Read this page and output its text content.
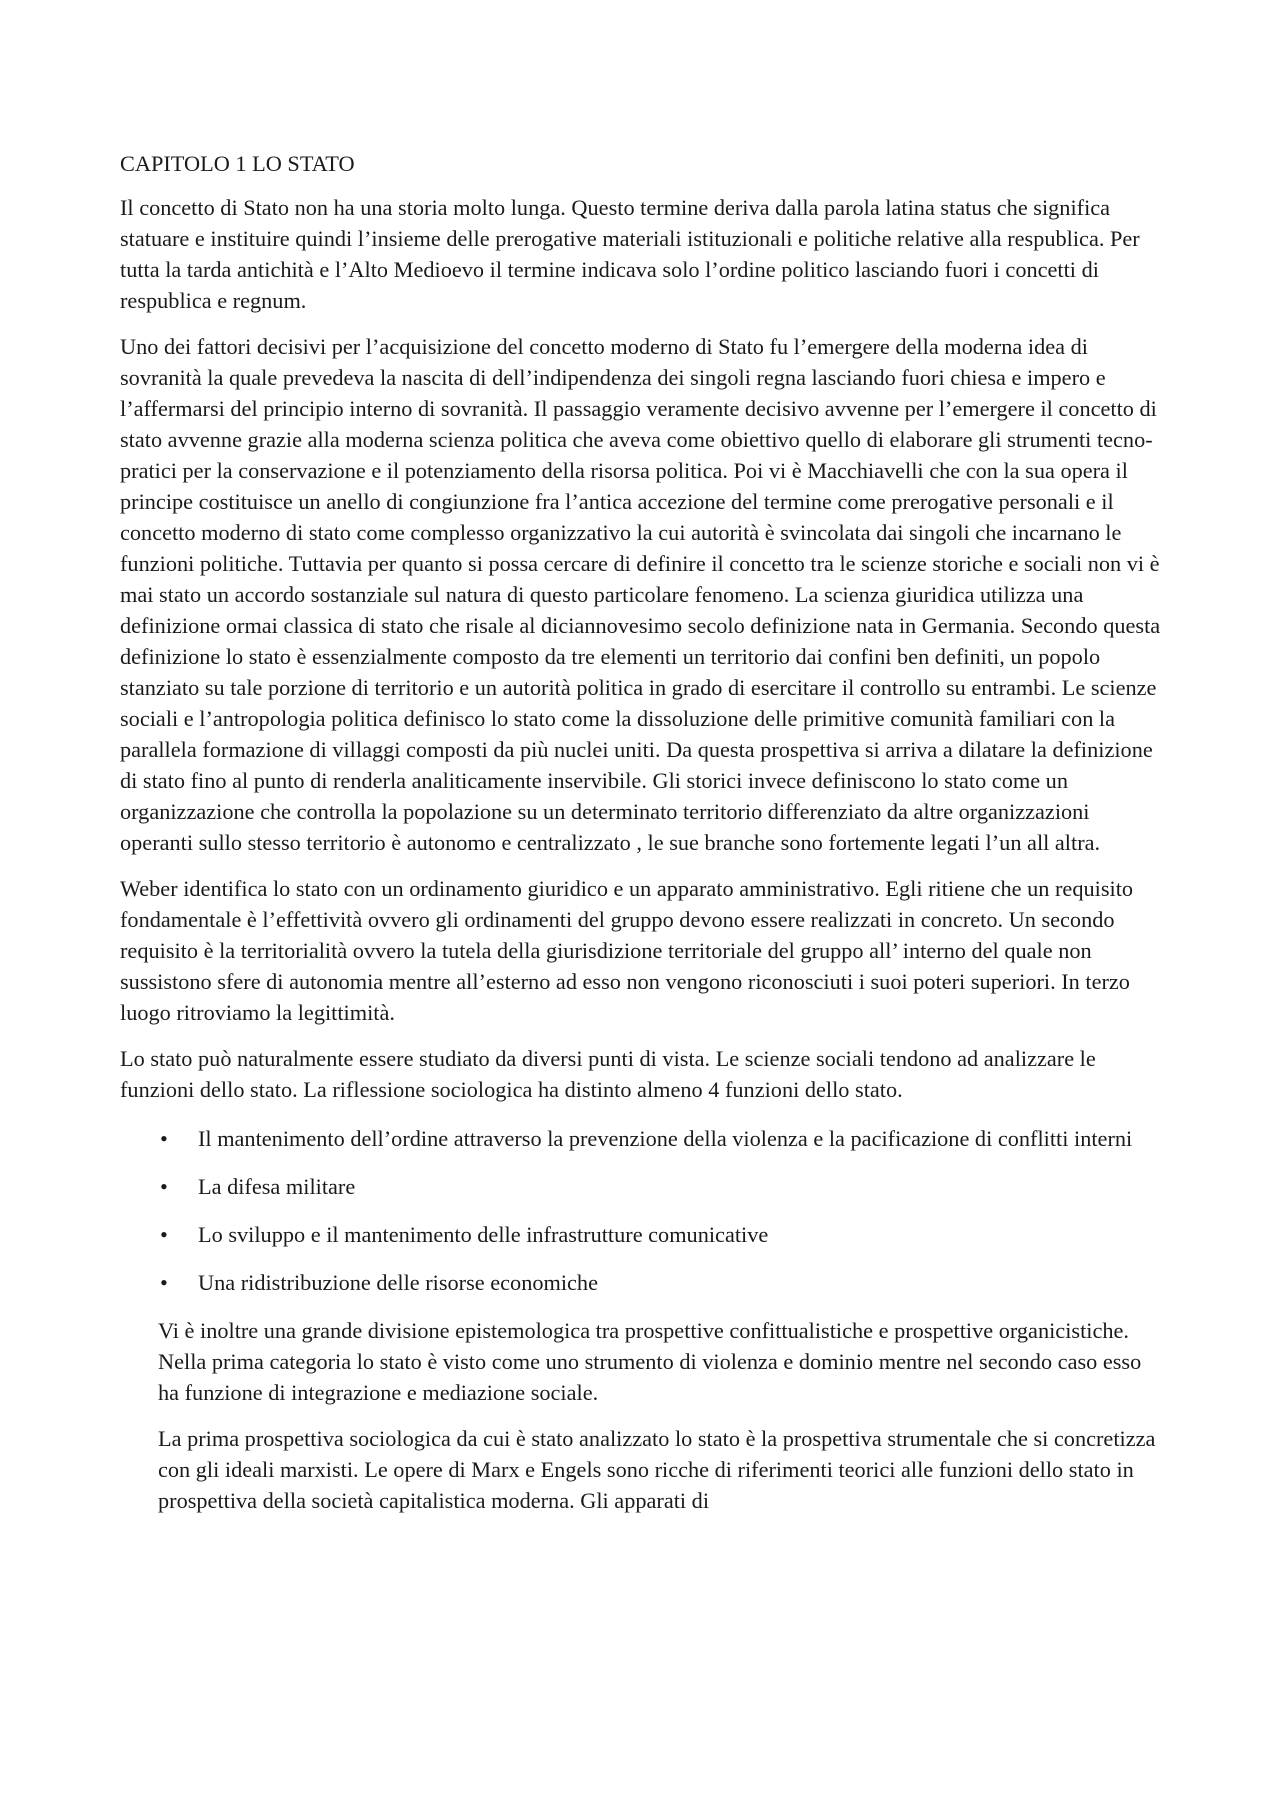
CAPITOLO 1 LO STATO

Il concetto di Stato non ha una storia molto lunga. Questo termine deriva dalla parola latina status che significa statuare e instituire quindi l’insieme delle prerogative materiali istituzionali e politiche relative alla respublica. Per tutta la tarda antichità e l’Alto Medioevo il termine indicava solo l’ordine politico lasciando fuori i concetti di respublica e regnum.

Uno dei fattori decisivi per l’acquisizione del concetto moderno di Stato fu l’emergere della moderna idea di sovranità la quale prevedeva la nascita di dell’indipendenza dei singoli regna lasciando fuori chiesa e impero e l’affermarsi del principio interno di sovranità. Il passaggio veramente decisivo avvenne per l’emergere il concetto di stato avvenne grazie alla moderna scienza politica che aveva come obiettivo quello di elaborare gli strumenti tecno-pratici per la conservazione e il potenziamento della risorsa politica. Poi vi è Macchiavelli che con la sua opera il principe costituisce un anello di congiunzione fra l’antica accezione del termine come prerogative personali e il concetto moderno di stato come complesso organizzativo la cui autorità è svincolata dai singoli che incarnano le funzioni politiche. Tuttavia per quanto si possa cercare di definire il concetto tra le scienze storiche e sociali non vi è mai stato un accordo sostanziale sul natura di questo particolare fenomeno. La scienza giuridica utilizza una definizione ormai classica di stato che risale al diciannovesimo secolo definizione nata in Germania. Secondo questa definizione lo stato è essenzialmente composto da tre elementi un territorio dai confini ben definiti, un popolo stanziato su tale porzione di territorio e un autorità politica in grado di esercitare il controllo su entrambi. Le scienze sociali e l’antropologia politica definisco lo stato come la dissoluzione delle primitive comunità familiari con la parallela formazione di villaggi composti da più nuclei uniti. Da questa prospettiva si arriva a dilatare la definizione di stato fino al punto di renderla analiticamente inservibile. Gli storici invece definiscono lo stato come un organizzazione che controlla la popolazione su un determinato territorio differenziato da altre organizzazioni operanti sullo stesso territorio è autonomo e centralizzato , le sue branche sono fortemente legati l’un all altra.

Weber identifica lo stato con un ordinamento giuridico e un apparato amministrativo. Egli ritiene che un requisito fondamentale è l’effettività ovvero gli ordinamenti del gruppo devono essere realizzati in concreto. Un secondo requisito è la territorialità ovvero la tutela della giurisdizione territoriale del gruppo all’ interno del quale non sussistono sfere di autonomia mentre all’esterno ad esso non vengono riconosciuti i suoi poteri superiori. In terzo luogo ritroviamo la legittimità.

Lo stato può naturalmente essere studiato da diversi punti di vista. Le scienze sociali tendono ad analizzare le funzioni dello stato. La riflessione sociologica ha distinto almeno 4 funzioni dello stato.

• Il mantenimento dell’ordine attraverso la prevenzione della violenza e la pacificazione di conflitti interni
• La difesa militare
• Lo sviluppo e il mantenimento delle infrastrutture comunicative
• Una ridistribuzione delle risorse economiche

Vi è inoltre una grande divisione epistemologica tra prospettive confittualistiche e prospettive organicistiche. Nella prima categoria lo stato è visto come uno strumento di violenza e dominio mentre nel secondo caso esso ha funzione di integrazione e mediazione sociale.

La prima prospettiva sociologica da cui è stato analizzato lo stato è la prospettiva strumentale che si concretizza con gli ideali marxisti. Le opere di Marx e Engels sono ricche di riferimenti teorici alle funzioni dello stato in prospettiva della società capitalistica moderna. Gli apparati di
